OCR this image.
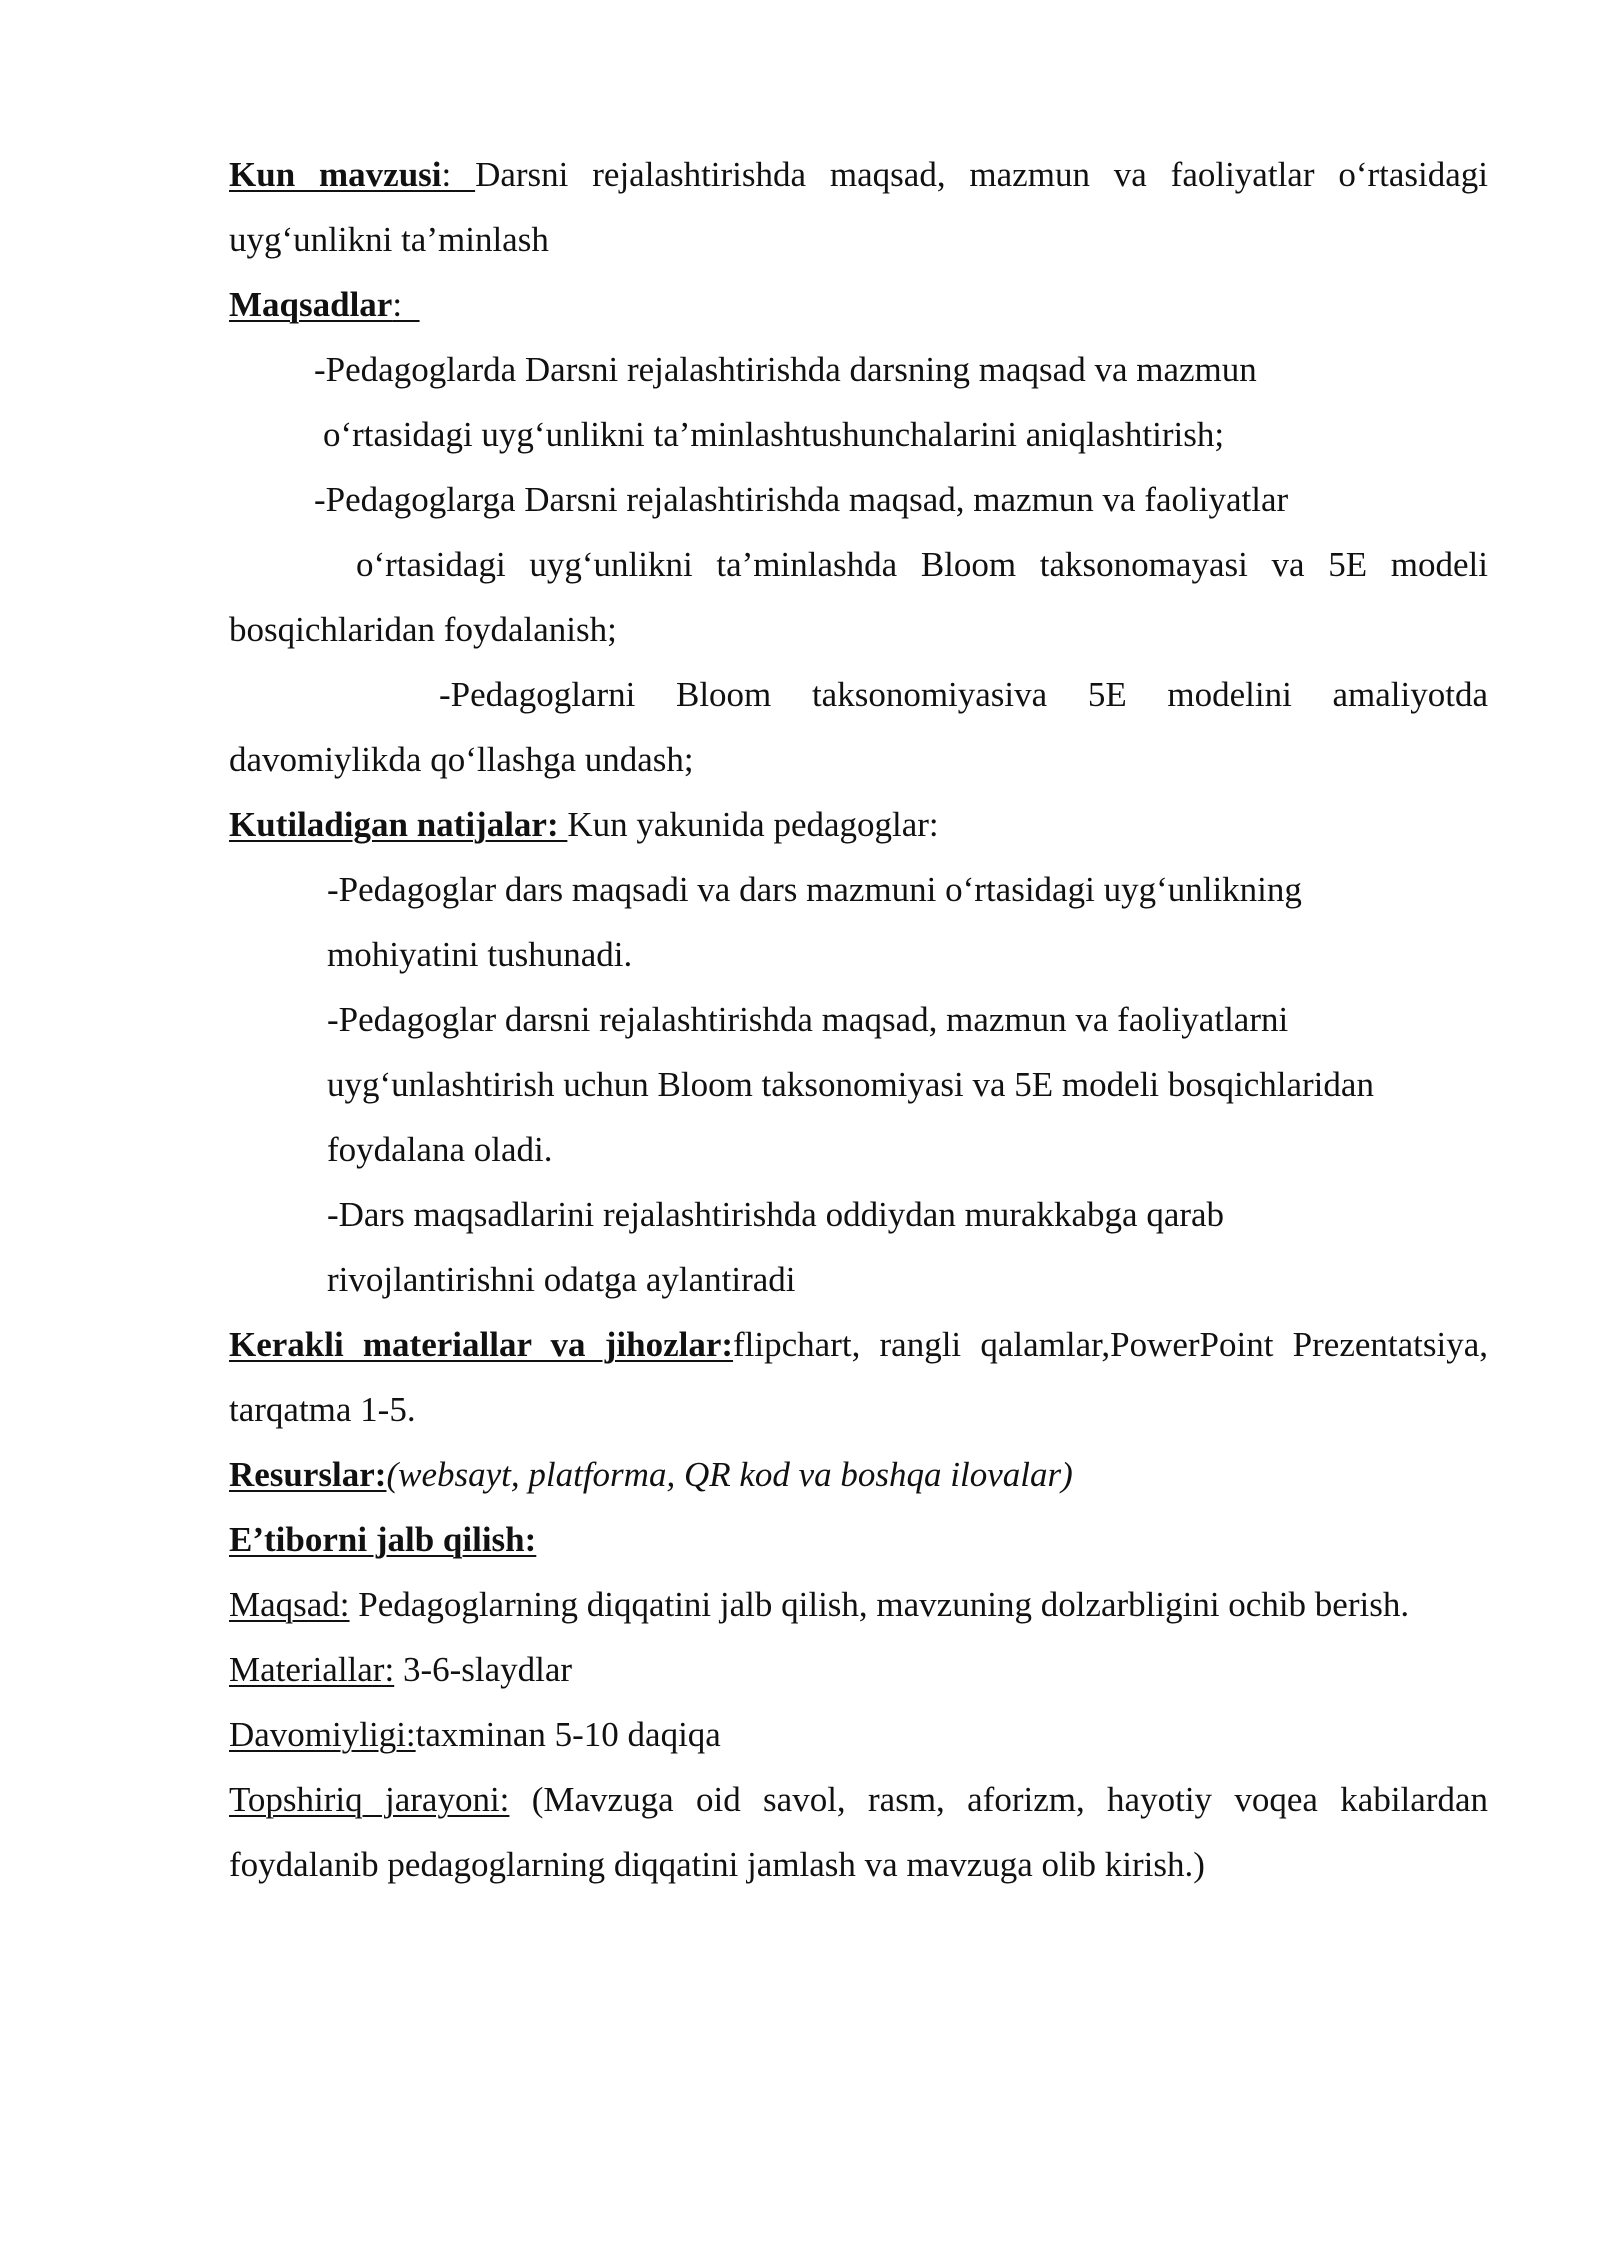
Kun mavzusi: Darsni rejalashtirishda maqsad, mazmun va faoliyatlar o‘rtasidagi uyg‘unlikni ta’minlash

Maqsadlar:

-Pedagoglarda Darsni rejalashtirishda darsning maqsad va mazmun

o‘rtasidagi uyg‘unlikni ta’minlashtushunchalarini aniqlashtirish;

-Pedagoglarga Darsni rejalashtirishda maqsad, mazmun va faoliyatlar

o‘rtasidagi uyg‘unlikni ta’minlashda Bloom taksonomayasi va 5E modeli bosqichlaridan foydalanish;

-Pedagoglarni Bloom taksonomiyasiva 5E modelini amaliyotda davomiylikda qo‘llashga undash;

Kutiladigan natijalar: Kun yakunida pedagoglar:

-Pedagoglar dars maqsadi va dars mazmuni o‘rtasidagi uyg‘unlikning

mohiyatini tushunadi.

-Pedagoglar darsni rejalashtirishda maqsad, mazmun va faoliyatlarni

uyg‘unlashtirish uchun Bloom taksonomiyasi va 5E modeli bosqichlaridan

foydalana oladi.

-Dars maqsadlarini rejalashtirishda oddiydan murakkabga qarab

rivojlantirishni odatga aylantiradi

Kerakli materiallar va jihozlar:flipchart, rangli qalamlar,PowerPoint Prezentatsiya, tarqatma 1-5.

Resurslar:(websayt, platforma, QR kod va boshqa ilovalar)

E’tiborni jalb qilish:

Maqsad: Pedagoglarning diqqatini jalb qilish, mavzuning dolzarbligini ochib berish.

Materiallar: 3-6-slaydlar

Davomiyligi:taxminan 5-10 daqiqa

Topshiriq jarayoni: (Mavzuga oid savol, rasm, aforizm, hayotiy voqea kabilardan foydalanib pedagoglarning diqqatini jamlash va mavzuga olib kirish.)
